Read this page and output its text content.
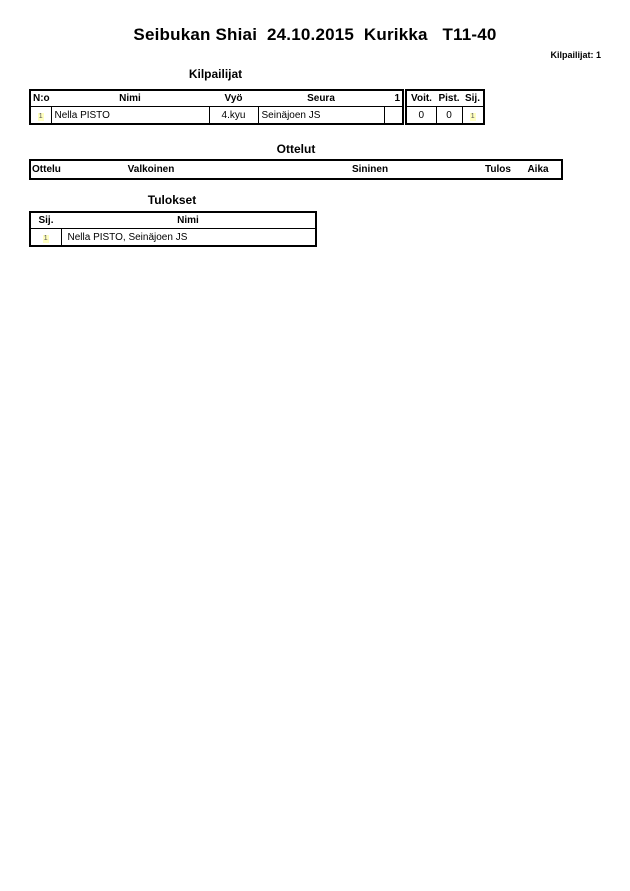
Seibukan Shiai  24.10.2015  Kurikka   T11-40
Kilpailijat: 1
Kilpailijat
N:o	Nimi	Vyö	Seura	1
1	Nella PISTO	4.kyu	Seinäjoen JS	
Voit.	Pist.	Sij.
0	0	1
Ottelut
Ottelu	Valkoinen	Sininen	Tulos Aika
Tulokset
Sij.	Nimi
1	Nella PISTO, Seinäjoen JS
